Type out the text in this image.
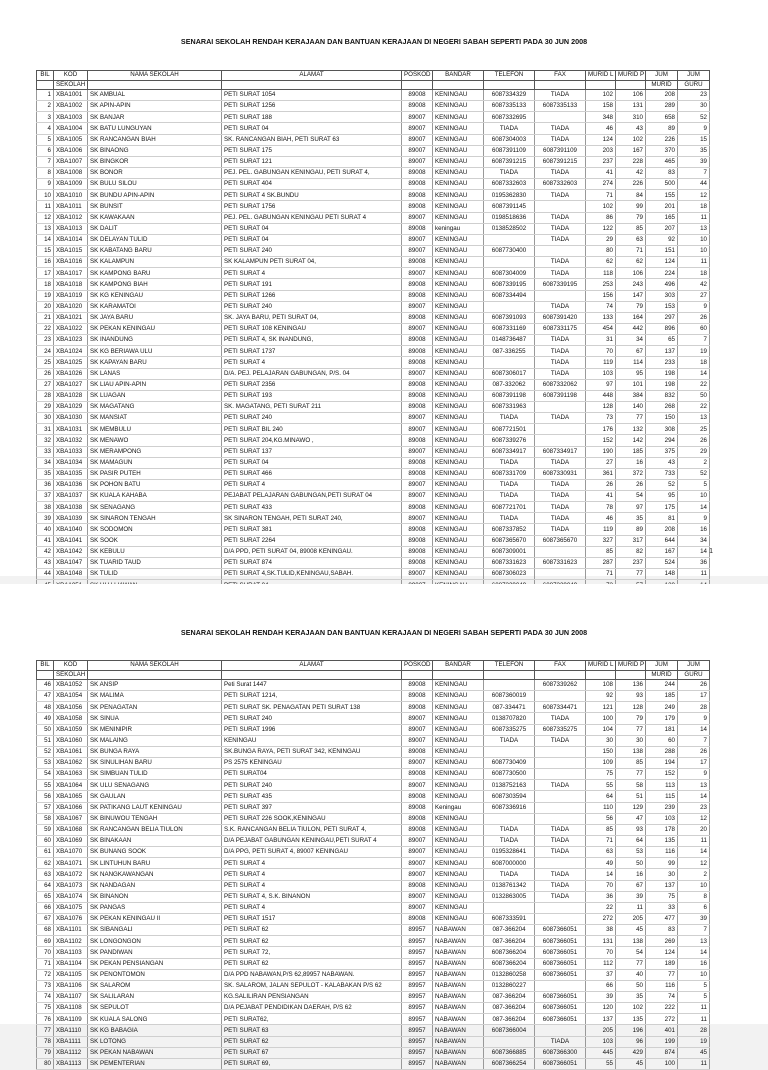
SENARAI SEKOLAH RENDAH KERAJAAN DAN BANTUAN KERAJAAN DI NEGERI SABAH SEPERTI PADA 30 JUN 2008
BIL	KOD	NAMA SEKOLAH	ALAMAT	POSKOD	BANDAR	TELEFON	FAX	MURID L	MURID P	JUM	JUM
	SEKOLAH									MURID	GURU
1	XBA1001	SK AMBUAL	PETI SURAT 1054	89008	KENINGAU	6087334329	TIADA	102	106	208	23
2	XBA1002	SK APIN-APIN	PETI SURAT 1256	89008	KENINGAU	6087335133	6087335133	158	131	289	30
3	XBA1003	SK BANJAR	PETI SURAT 188	89007	KENINGAU	6087332695		348	310	658	52
4	XBA1004	SK BATU LUNGUYAN	PETI SURAT 04	89007	KENINGAU	TIADA	TIADA	46	43	89	9
5	XBA1005	SK RANCANGAN BIAH	SK. RANCANGAN BIAH, PETI SURAT 63	89007	KENINGAU	6087304003	TIADA	124	102	226	15
6	XBA1006	SK BINAONG	PETI SURAT 175	89007	KENINGAU	6087391109	6087391109	203	167	370	35
7	XBA1007	SK BINGKOR	PETI SURAT 121	89007	KENINGAU	6087391215	6087391215	237	228	465	39
8	XBA1008	SK BONOR	PEJ. PEL. GABUNGAN KENINGAU, PETI SURAT 4,	89008	KENINGAU	TIADA	TIADA	41	42	83	7
9	XBA1009	SK BULU SILOU	PETI SURAT 404	89008	KENINGAU	6087332603	6087332603	274	226	500	44
10	XBA1010	SK BUNDU APIN-APIN	PETI SURAT 4 SK.BUNDU	89008	KENINGAU	0195362830	TIADA	71	84	155	12
11	XBA1011	SK BUNSIT	PETI SURAT 1756	89008	KENINGAU	6087391145		102	99	201	18
12	XBA1012	SK KAWAKAAN	PEJ. PEL. GABUNGAN KENINGAU PETI SURAT 4	89007	KENINGAU	0198518636	TIADA	86	79	165	11
13	XBA1013	SK DALIT	PETI SURAT 04	89008	keningau	0138528502	TIADA	122	85	207	13
14	XBA1014	SK DELAYAN TULID	PETI SURAT 04	89007	KENINGAU		TIADA	29	63	92	10
15	XBA1015	SK KABATANG BARU	PETI SURAT 240	89007	KENINGAU	6087730400		80	71	151	10
16	XBA1016	SK KALAMPUN	SK KALAMPUN PETI SURAT 04,	89008	KENINGAU		TIADA	62	62	124	11
17	XBA1017	SK KAMPONG BARU	PETI SURAT 4	89007	KENINGAU	6087304009	TIADA	118	106	224	18
18	XBA1018	SK KAMPONG BIAH	PETI SURAT 191	89008	KENINGAU	6087339195	6087339195	253	243	496	42
19	XBA1019	SK KG KENINGAU	PETI SURAT 1266	89008	KENINGAU	6087334494		156	147	303	27
20	XBA1020	SK KARAMATOI	PETI SURAT 240	89007	KENINGAU		TIADA	74	79	153	9
21	XBA1021	SK JAYA BARU	SK. JAYA BARU, PETI SURAT 04,	89008	KENINGAU	6087391093	6087391420	133	164	297	26
22	XBA1022	SK PEKAN KENINGAU	PETI SURAT 108 KENINGAU	89007	KENINGAU	6087331169	6087331175	454	442	896	60
23	XBA1023	SK INANDUNG	PETI SURAT 4, SK INANDUNG,	89008	KENINGAU	0148736487	TIADA	31	34	65	7
24	XBA1024	SK KG BERIAWA ULU	PETI SURAT 1737	89008	KENINGAU	087-336255	TIADA	70	67	137	19
25	XBA1025	SK KAPAYAN BARU	PETI SURAT 4	89008	KENINGAU		TIADA	119	114	233	18
26	XBA1026	SK LANAS	D/A. PEJ. PELAJARAN GABUNGAN, P/S. 04	89007	KENINGAU	6087306017	TIADA	103	95	198	14
27	XBA1027	SK LIAU APIN-APIN	PETI SURAT 2356	89008	KENINGAU	087-332062	6087332062	97	101	198	22
28	XBA1028	SK LUAGAN	PETI SURAT 193	89008	KENINGAU	6087391198	6087391198	448	384	832	50
29	XBA1029	SK MAGATANG	SK. MAGATANG, PETI SURAT 211	89008	KENINGAU	6087331963		128	140	268	22
30	XBA1030	SK MANSIAT	PETI SURAT 240	89007	KENINGAU	TIADA	TIADA	73	77	150	13
31	XBA1031	SK MEMBULU	PETI SURAT BIL 240	89007	KENINGAU	6087721501		176	132	308	25
32	XBA1032	SK MENAWO	PETI SURAT 204,KG.MINAWO ,	89008	KENINGAU	6087339276		152	142	294	26
33	XBA1033	SK MERAMPONG	PETI SURAT 137	89007	KENINGAU	6087334917	6087334917	190	185	375	29
34	XBA1034	SK MAMAGUN	PETI SURAT 04	89008	KENINGAU	TIADA	TIADA	27	16	43	2
35	XBA1035	SK PASIR PUTEH	PETI SURAT 466	89008	KENINGAU	6087331709	6087330931	361	372	733	52
36	XBA1036	SK POHON BATU	PETI SURAT 4	89007	KENINGAU	TIADA	TIADA	26	26	52	5
37	XBA1037	SK KUALA KAHABA	PEJABAT PELAJARAN GABUNGAN,PETI SURAT 04	89007	KENINGAU	TIADA	TIADA	41	54	95	10
38	XBA1038	SK SENAGANG	PETI SURAT 433	89008	KENINGAU	6087721701	TIADA	78	97	175	14
39	XBA1039	SK SINARON TENGAH	SK SINARON TENGAH, PETI SURAT 240,	89007	KENINGAU	TIADA	TIADA	46	35	81	9
40	XBA1040	SK SODOMON	PETI SURAT 381	89008	KENINGAU	6087337852	TIADA	119	89	208	16
41	XBA1041	SK SOOK	PETI SURAT 2264	89008	KENINGAU	6087365670	6087365670	327	317	644	34
42	XBA1042	SK KEBULU	D/A PPD, PETI SURAT 04, 89008 KENINGAU.	89008	KENINGAU	6087309001		85	82	167	14
43	XBA1047	SK TUARID TAUD	PETI SURAT 874	89008	KENINGAU	6087331623	6087331623	287	237	524	36
44	XBA1048	SK TULID	PETI SURAT 4,SK.TULID,KENINGAU,SABAH.	89007	KENINGAU	6087306023		71	77	148	11

1
SENARAI SEKOLAH RENDAH KERAJAAN DAN BANTUAN KERAJAAN DI NEGERI SABAH SEPERTI PADA 30 JUN 2008
BIL	KOD	NAMA SEKOLAH	ALAMAT	POSKOD	BANDAR	TELEFON	FAX	MURID L	MURID P	JUM	JUM
	SEKOLAH									MURID	GURU
46	XBA1052	SK ANSIP	Peti Surat 1447	89008	KENINGAU		6087339262	108	136	244	26
47	XBA1054	SK MALIMA	PETI SURAT 1214,	89008	KENINGAU	6087360019		92	93	185	17
48	XBA1056	SK PENAGATAN	PETI SURAT SK. PENAGATAN PETI SURAT 138	89008	KENINGAU	087-334471	6087334471	121	128	249	28
49	XBA1058	SK SINUA	PETI SURAT 240	89007	KENINGAU	0138707820	TIADA	100	79	179	9
50	XBA1059	SK MENINIPIR	PETI SURAT 1996	89007	KENINGAU	6087335275	6087335275	104	77	181	14
51	XBA1060	SK MALAING	KENINGAU	89007	KENINGAU	TIADA	TIADA	30	30	60	7
52	XBA1061	SK BUNGA RAYA	SK.BUNGA RAYA, PETI SURAT 342, KENINGAU	89008	KENINGAU			150	138	288	26
53	XBA1062	SK SINULIHAN BARU	PS 2575 KENINGAU	89007	KENINGAU	6087730409		109	85	194	17
54	XBA1063	SK SIMBUAN TULID	PETI SURAT04	89008	KENINGAU	6087730500		75	77	152	9
55	XBA1064	SK ULU SENAGANG	PETI SURAT 240	89007	KENINGAU	0138752163	TIADA	55	58	113	13
56	XBA1065	SK GAULAN	PETI SURAT 435	89008	KENINGAU	6087303594		64	51	115	14
57	XBA1066	SK PATIKANG LAUT KENINGAU	PETI SURAT 397	89008	Keningau	6087336916		110	129	239	23
58	XBA1067	SK BINUWOU TENGAH	PETI SURAT 226 SOOK,KENINGAU	89008	KENINGAU			56	47	103	12
59	XBA1068	SK RANCANGAN BELIA TIULON	S.K. RANCANGAN BELIA TIULON, PETI SURAT 4,	89008	KENINGAU	TIADA	TIADA	85	93	178	20
60	XBA1069	SK BINAKAAN	D/A PEJABAT GABUNGAN KENINGAU,PETI SURAT 4	89007	KENINGAU	TIADA	TIADA	71	64	135	11
61	XBA1070	SK BUNANG SOOK	D/A PPG, PETI SURAT 4, 89007 KENINGAU	89007	KENINGAU	0195328641	TIADA	63	53	116	14
62	XBA1071	SK LINTUHUN BARU	PETI SURAT 4	89007	KENINGAU	6087000000		49	50	99	12
63	XBA1072	SK NANGKAWANGAN	PETI SURAT 4	89007	KENINGAU	TIADA	TIADA	14	16	30	2
64	XBA1073	SK NANDAGAN	PETI SURAT 4	89008	KENINGAU	0138761342	TIADA	70	67	137	10
65	XBA1074	SK BINANON	PETI SURAT 4, S.K. BINANON	89007	KENINGAU	0132863005	TIADA	36	39	75	8
66	XBA1075	SK PANGAS	PETI SURAT 4	89007	KENINGAU			22	11	33	6
67	XBA1076	SK PEKAN KENINGAU II	PETI SURAT 1517	89008	KENINGAU	6087333591		272	205	477	39
68	XBA1101	SK SIBANGALI	PETI SURAT 62	89957	NABAWAN	087-366204	6087366051	38	45	83	7
69	XBA1102	SK LONGONGON	PETI SURAT 62	89957	NABAWAN	087-366204	6087366051	131	138	269	13
70	XBA1103	SK PANDIWAN	PETI SURAT 72,	89957	NABAWAN	6087366204	6087366051	70	54	124	14
71	XBA1104	SK PEKAN PENSIANGAN	PETI SURAT 62	89957	NABAWAN	6087366204	6087366051	112	77	189	16
72	XBA1105	SK PENONTOMON	D/A PPD NABAWAN,P/S 62,89957 NABAWAN.	89957	NABAWAN	0132860258	6087366051	37	40	77	10
73	XBA1106	SK SALAROM	SK. SALAROM, JALAN SEPULOT - KALABAKAN P/S 62	89957	NABAWAN	0132860227		66	50	116	5
74	XBA1107	SK SALILARAN	KG.SALILIRAN PENSIANGAN	89957	NABAWAN	087-366204	6087366051	39	35	74	5
75	XBA1108	SK SEPULOT	D/A PEJABAT PENDIDIKAN DAERAH, P/S 62	89957	NABAWAN	087-366204	6087366051	120	102	222	11
76	XBA1109	SK KUALA SALONG	PETI SURAT62,	89957	NABAWAN	087-366204	6087366051	137	135	272	11
77	XBA1110	SK KG BABAGIA	PETI SURAT 63	89957	NABAWAN	6087366004		205	196	401	28
78	XBA1111	SK LOTONG	PETI SURAT 62	89957	NABAWAN		TIADA	103	96	199	19
79	XBA1112	SK PEKAN NABAWAN	PETI SURAT 67	89957	NABAWAN	6087366885	6087366300	445	429	874	45
80	XBA1113	SK PEMENTERIAN	PETI SURAT 69,	89957	NABAWAN	6087366254	6087366051	55	45	100	11
